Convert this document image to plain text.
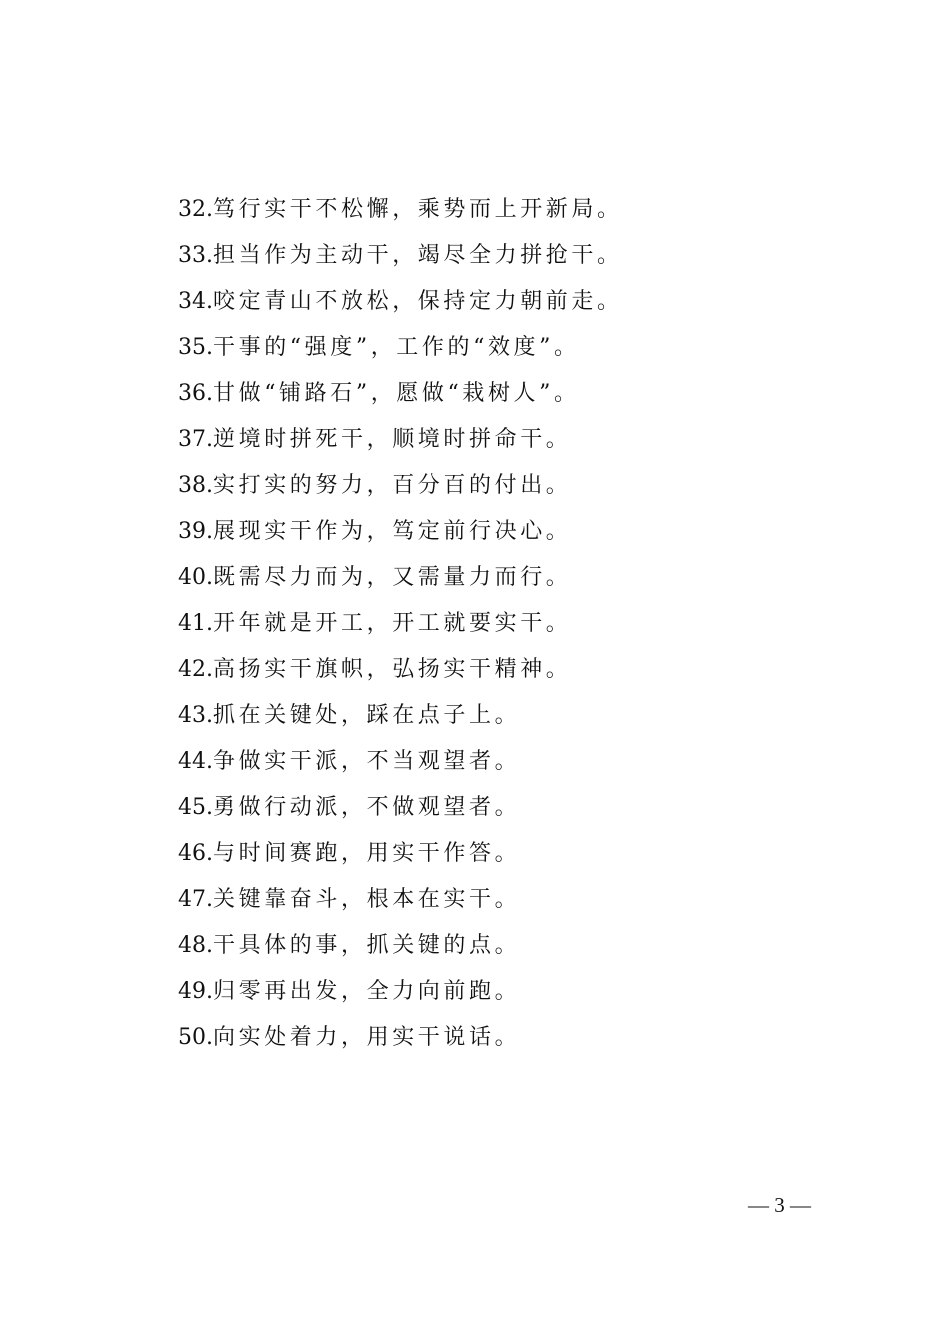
32.笃行实干不松懈，乘势而上开新局。
33.担当作为主动干，竭尽全力拼抢干。
34.咬定青山不放松，保持定力朝前走。
35.干事的“强度”，工作的“效度”。
36.甘做“铺路石”，愿做“栽树人”。
37.逆境时拼死干，顺境时拼命干。
38.实打实的努力，百分百的付出。
39.展现实干作为，笃定前行决心。
40.既需尽力而为，又需量力而行。
41.开年就是开工，开工就要实干。
42.高扬实干旗帜，弘扬实干精神。
43.抓在关键处，踩在点子上。
44.争做实干派，不当观望者。
45.勇做行动派，不做观望者。
46.与时间赛跑，用实干作答。
47.关键靠奋斗，根本在实干。
48.干具体的事，抓关键的点。
49.归零再出发，全力向前跑。
50.向实处着力，用实干说话。
— 3 —
